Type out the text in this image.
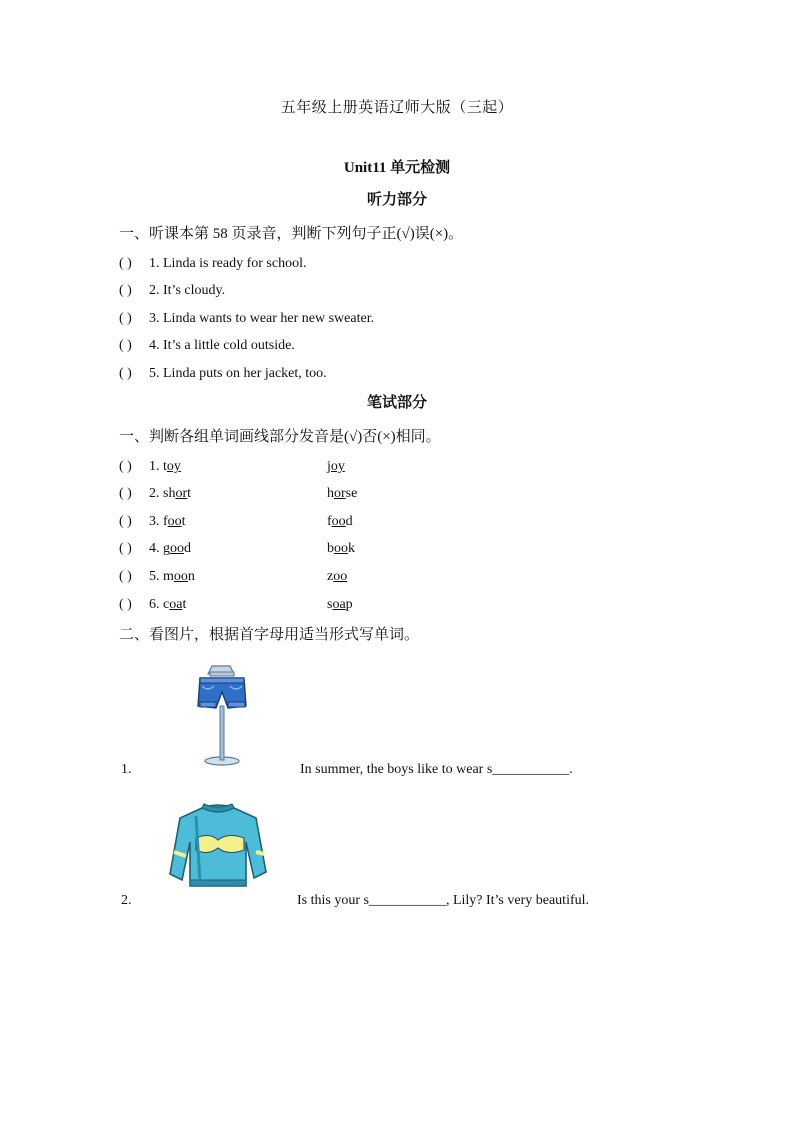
五年级上册英语辽师大版（三起）
Unit11 单元检测
听力部分
一、听课本第 58 页录音，判断下列句子正(√)误(×)。
( ) 1. Linda is ready for school.
( ) 2. It’s cloudy.
( ) 3. Linda wants to wear her new sweater.
( ) 4. It’s a little cold outside.
( ) 5. Linda puts on her jacket, too.
笔试部分
一、判断各组单词画线部分发音是(√)否(×)相同。
( ) 1. toy	joy
( ) 2. short	horse
( ) 3. foot	food
( ) 4. good	book
( ) 5. moon	zoo
( ) 6. coat	soap
二、看图片，根据首字母用适当形式写单词。
1.	In summer, the boys like to wear s___________.
2.	Is this your s___________, Lily? It’s very beautiful.
